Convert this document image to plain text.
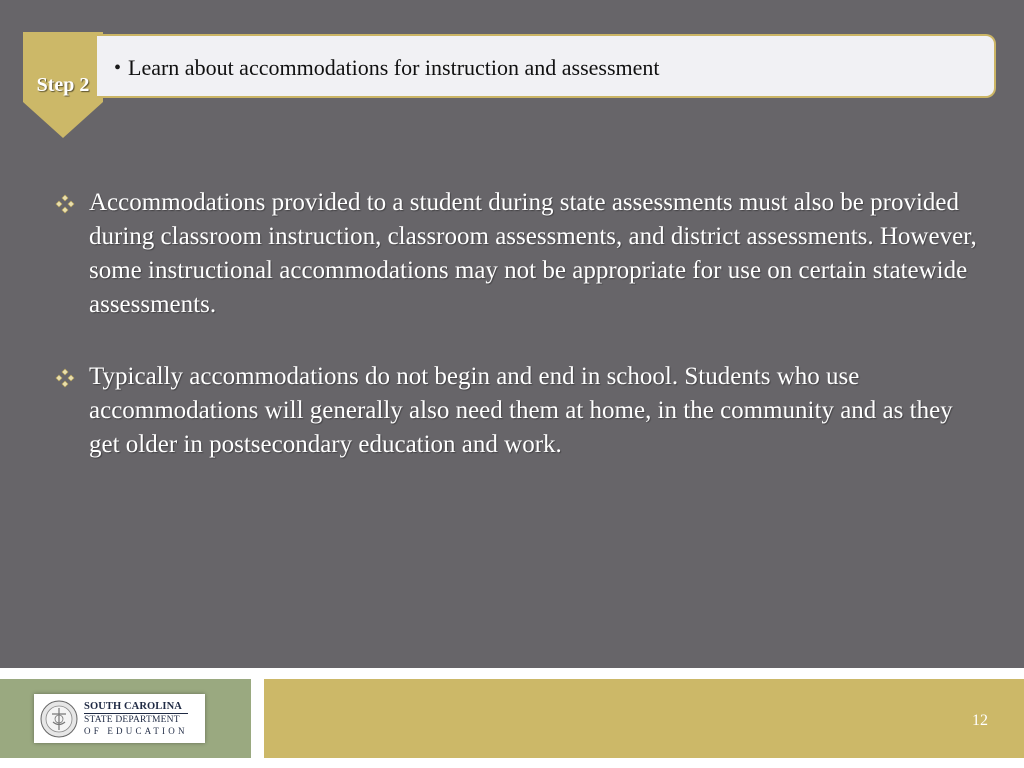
Step 2
• Learn about accommodations for instruction and assessment
Accommodations provided to a student during state assessments must also be provided during classroom instruction, classroom assessments, and district assessments. However, some instructional accommodations may not be appropriate for use on certain statewide assessments.
Typically accommodations do not begin and end in school. Students who use accommodations will generally also need them at home, in the community and as they get older in postsecondary education and work.
SOUTH CAROLINA
STATE DEPARTMENT
OF EDUCATION
12
